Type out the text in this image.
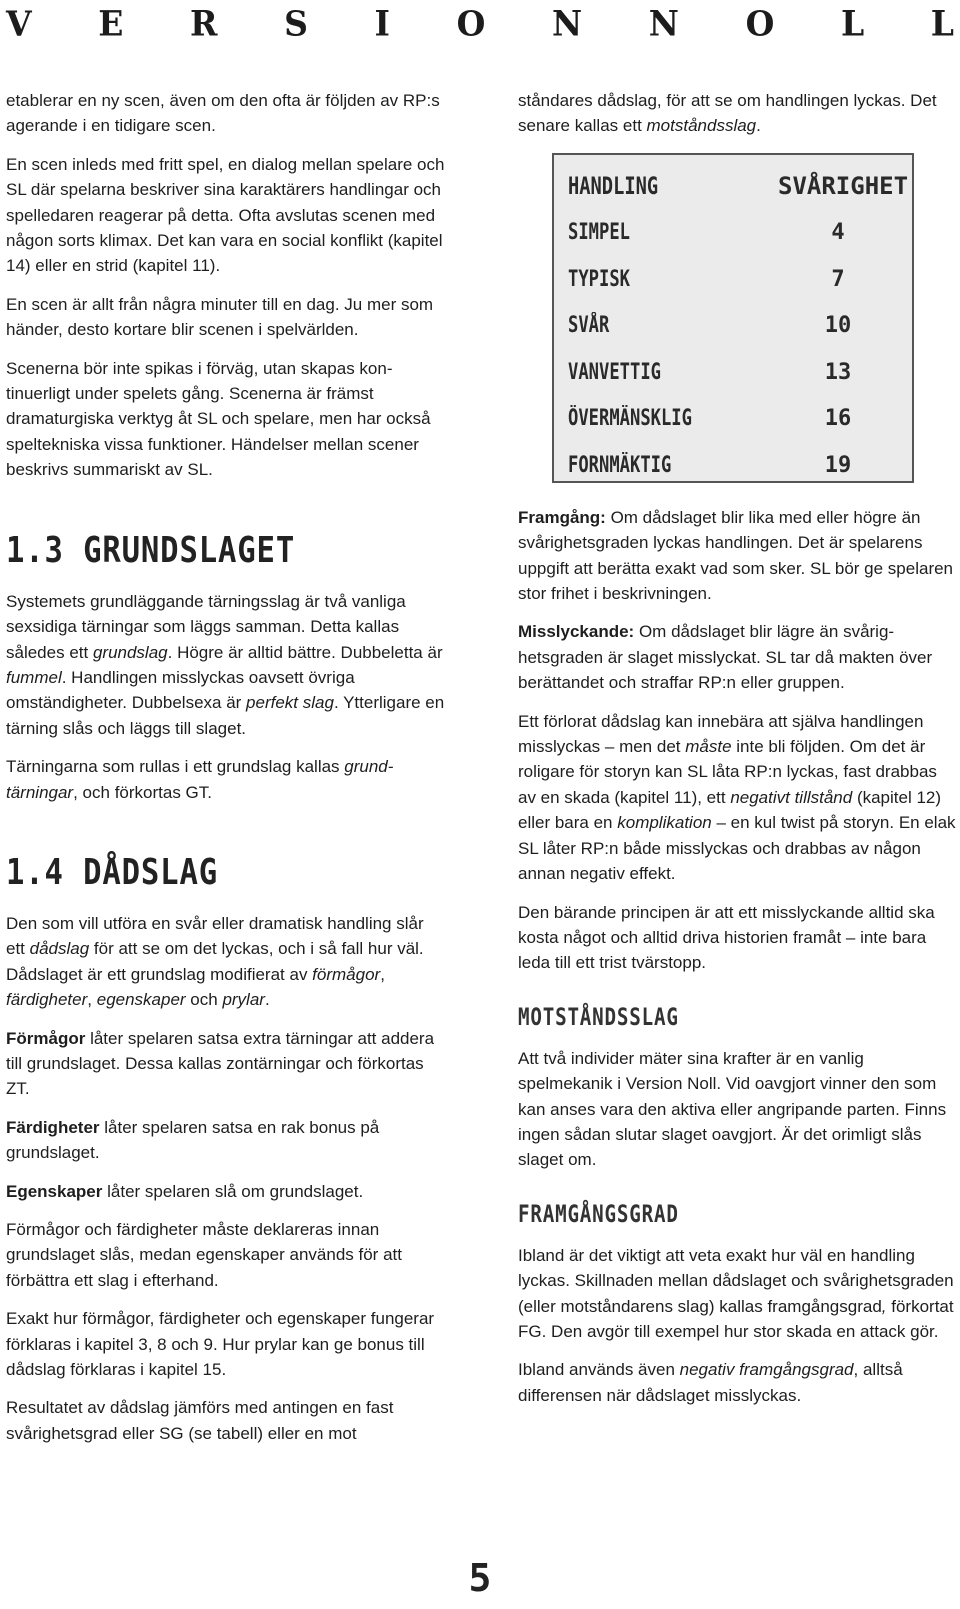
V E R S I O N N O L L

etablerar en ny scen, även om den ofta är följden av RP:s agerande i en tidigare scen.

En scen inleds med fritt spel, en dialog mellan spelare och SL där spelarna beskriver sina karaktärers handlingar och spelledaren reagerar på detta. Ofta avslutas scenen med någon sorts klimax. Det kan vara en social konflikt (kapitel 14) eller en strid (kapitel 11).

En scen är allt från några minuter till en dag. Ju mer som händer, desto kortare blir scenen i spelvärlden.

Scenerna bör inte spikas i förväg, utan skapas kontinuerligt under spelets gång. Scenerna är främst dramaturgiska verktyg åt SL och spelare, men har också speltekniska vissa funktioner. Händelser mellan scener beskrivs summariskt av SL.

1.3 GRUNDSLAGET

Systemets grundläggande tärningsslag är två vanliga sexsidiga tärningar som läggs samman. Detta kallas således ett grundslag. Högre är alltid bättre. Dubbeletta är fummel. Handlingen misslyckas oavsett övriga omständigheter. Dubbelsexa är perfekt slag. Ytterligare en tärning slås och läggs till slaget.

Tärningarna som rullas i ett grundslag kallas grundtärningar, och förkortas GT.

1.4 DÅDSLAG

Den som vill utföra en svår eller dramatisk handling slår ett dådslag för att se om det lyckas, och i så fall hur väl. Dådslaget är ett grundslag modifierat av förmågor, färdigheter, egenskaper och prylar.

Förmågor låter spelaren satsa extra tärningar att addera till grundslaget. Dessa kallas zontärningar och förkortas ZT.

Färdigheter låter spelaren satsa en rak bonus på grundslaget.

Egenskaper låter spelaren slå om grundslaget.

Förmågor och färdigheter måste deklareras innan grundslaget slås, medan egenskaper används för att förbättra ett slag i efterhand.

Exakt hur förmågor, färdigheter och egenskaper fungerar förklaras i kapitel 3, 8 och 9. Hur prylar kan ge bonus till dådslag förklaras i kapitel 15.

Resultatet av dådslag jämförs med antingen en fast svårighetsgrad eller SG (se tabell) eller en mot

ståndares dådslag, för att se om handlingen lyckas. Det senare kallas ett motståndsslag.

HANDLING	SVÅRIGHET
SIMPEL	4
TYPISK	7
SVÅR	10
VANVETTIG	13
ÖVERMÄNSKLIG	16
FORNMÄKTIG	19

Framgång: Om dådslaget blir lika med eller högre än svårighetsgraden lyckas handlingen. Det är spelarens uppgift att berätta exakt vad som sker. SL bör ge spelaren stor frihet i beskrivningen.

Misslyckande: Om dådslaget blir lägre än svårighetsgraden är slaget misslyckat. SL tar då makten över berättandet och straffar RP:n eller gruppen.

Ett förlorat dådslag kan innebära att själva handlingen misslyckas – men det måste inte bli följden. Om det är roligare för storyn kan SL låta RP:n lyckas, fast drabbas av en skada (kapitel 11), ett negativt tillstånd (kapitel 12) eller bara en komplikation – en kul twist på storyn. En elak SL låter RP:n både misslyckas och drabbas av någon annan negativ effekt.

Den bärande principen är att ett misslyckande alltid ska kosta något och alltid driva historien framåt – inte bara leda till ett trist tvärstopp.

MOTSTÅNDSSLAG

Att två individer mäter sina krafter är en vanlig spelmekanik i Version Noll. Vid oavgjort vinner den som kan anses vara den aktiva eller angripande parten. Finns ingen sådan slutar slaget oavgjort. Är det orimligt slås slaget om.

FRAMGÅNGSGRAD

Ibland är det viktigt att veta exakt hur väl en handling lyckas. Skillnaden mellan dådslaget och svårighetsgraden (eller motståndarens slag) kallas framgångsgrad, förkortat FG. Den avgör till exempel hur stor skada en attack gör.

Ibland används även negativ framgångsgrad, alltså differensen när dådslaget misslyckas.

5
